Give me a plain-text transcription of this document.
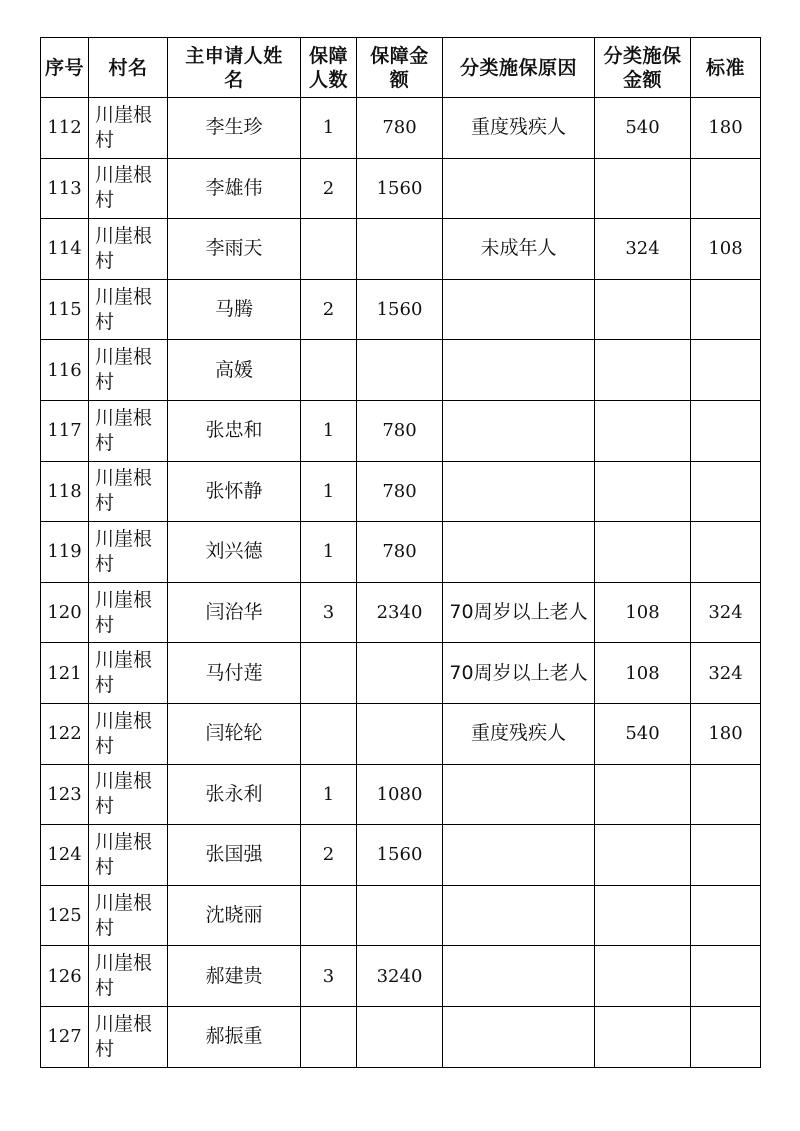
序号	村名	主申请人姓名	保障人数	保障金额	分类施保原因	分类施保金额	标准
112	川崖根村	李生珍	1	780	重度残疾人	540	180
113	川崖根村	李雄伟	2	1560			
114	川崖根村	李雨天			未成年人	324	108
115	川崖根村	马腾	2	1560			
116	川崖根村	高媛					
117	川崖根村	张忠和	1	780			
118	川崖根村	张怀静	1	780			
119	川崖根村	刘兴德	1	780			
120	川崖根村	闫治华	3	2340	70周岁以上老人	108	324
121	川崖根村	马付莲			70周岁以上老人	108	324
122	川崖根村	闫轮轮			重度残疾人	540	180
123	川崖根村	张永利	1	1080			
124	川崖根村	张国强	2	1560			
125	川崖根村	沈晓丽					
126	川崖根村	郝建贵	3	3240			
127	川崖根村	郝振重					
